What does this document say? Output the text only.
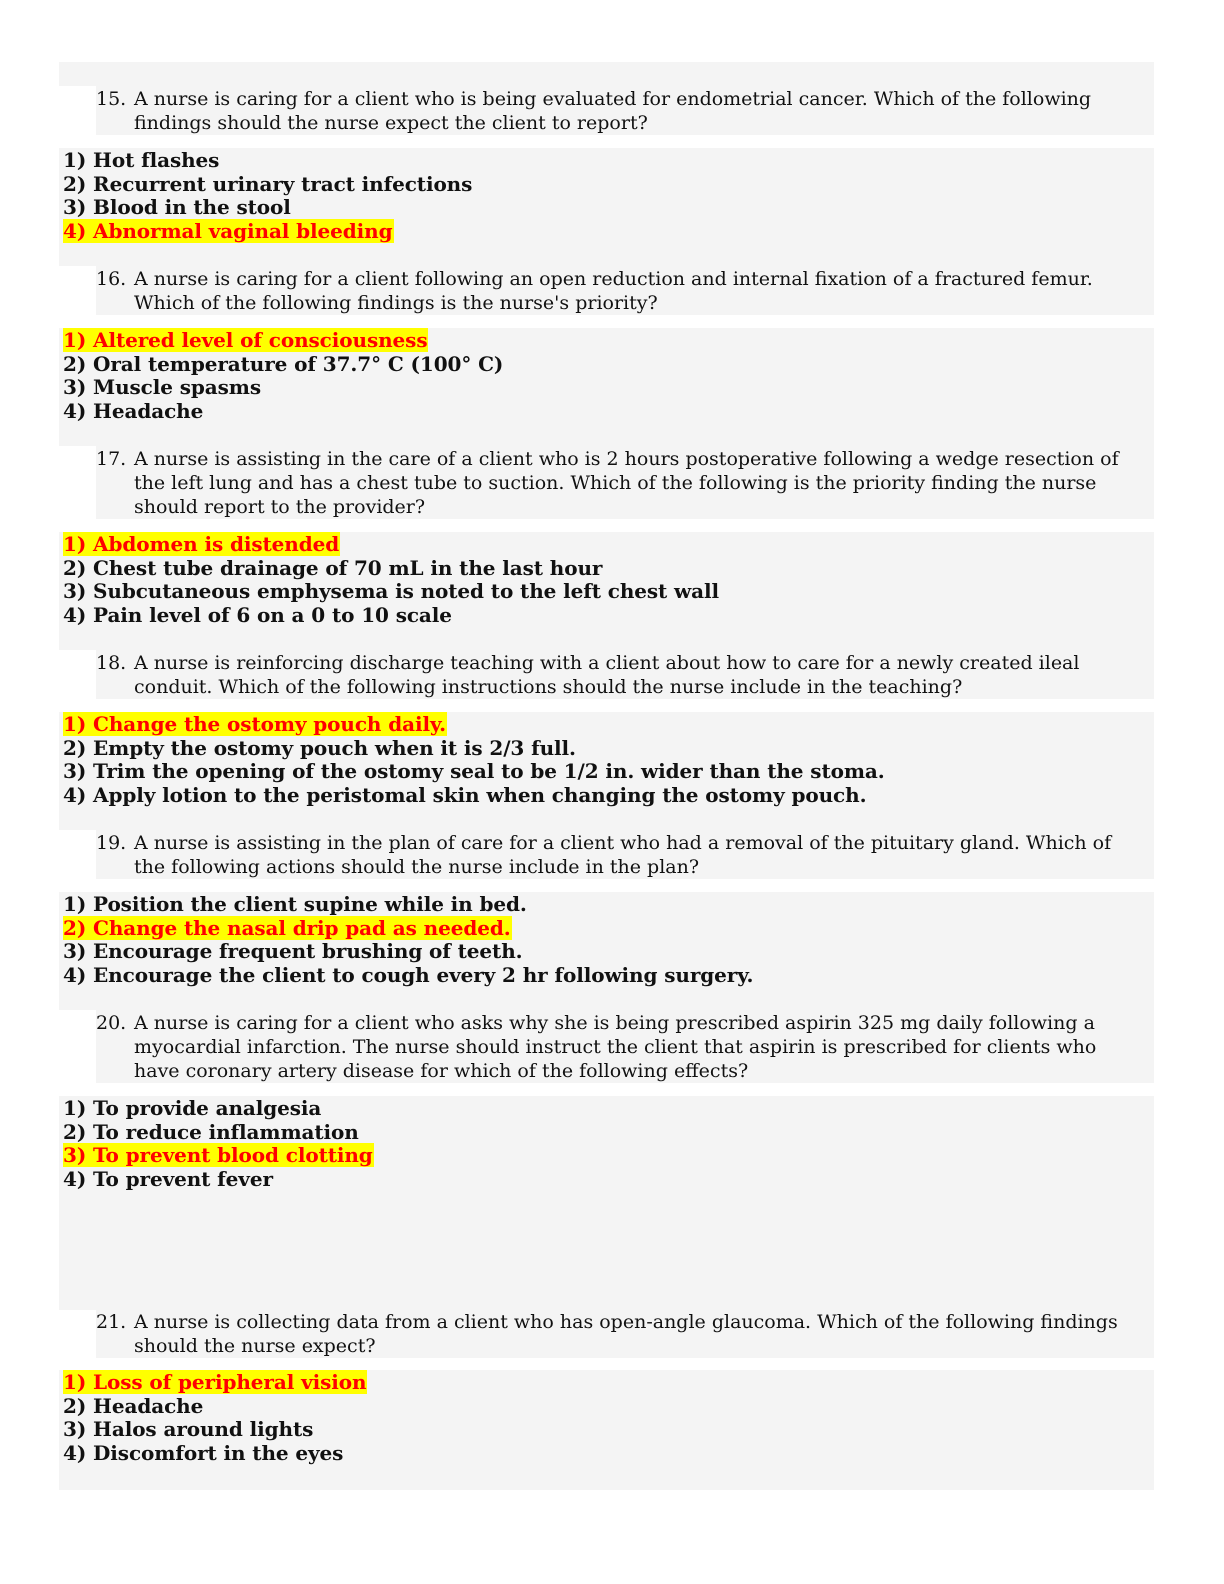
15. A nurse is caring for a client who is being evaluated for endometrial cancer. Which of the following findings should the nurse expect the client to report?
1) Hot flashes
2) Recurrent urinary tract infections
3) Blood in the stool
4) Abnormal vaginal bleeding
16. A nurse is caring for a client following an open reduction and internal fixation of a fractured femur. Which of the following findings is the nurse's priority?
1) Altered level of consciousness
2) Oral temperature of 37.7° C (100° C)
3) Muscle spasms
4) Headache
17. A nurse is assisting in the care of a client who is 2 hours postoperative following a wedge resection of the left lung and has a chest tube to suction. Which of the following is the priority finding the nurse should report to the provider?
1) Abdomen is distended
2) Chest tube drainage of 70 mL in the last hour
3) Subcutaneous emphysema is noted to the left chest wall
4) Pain level of 6 on a 0 to 10 scale
18. A nurse is reinforcing discharge teaching with a client about how to care for a newly created ileal conduit. Which of the following instructions should the nurse include in the teaching?
1) Change the ostomy pouch daily.
2) Empty the ostomy pouch when it is 2/3 full.
3) Trim the opening of the ostomy seal to be 1/2 in. wider than the stoma.
4) Apply lotion to the peristomal skin when changing the ostomy pouch.
19. A nurse is assisting in the plan of care for a client who had a removal of the pituitary gland. Which of the following actions should the nurse include in the plan?
1) Position the client supine while in bed.
2) Change the nasal drip pad as needed.
3) Encourage frequent brushing of teeth.
4) Encourage the client to cough every 2 hr following surgery.
20. A nurse is caring for a client who asks why she is being prescribed aspirin 325 mg daily following a myocardial infarction. The nurse should instruct the client that aspirin is prescribed for clients who have coronary artery disease for which of the following effects?
1) To provide analgesia
2) To reduce inflammation
3) To prevent blood clotting
4) To prevent fever
21. A nurse is collecting data from a client who has open-angle glaucoma. Which of the following findings should the nurse expect?
1) Loss of peripheral vision
2) Headache
3) Halos around lights
4) Discomfort in the eyes
